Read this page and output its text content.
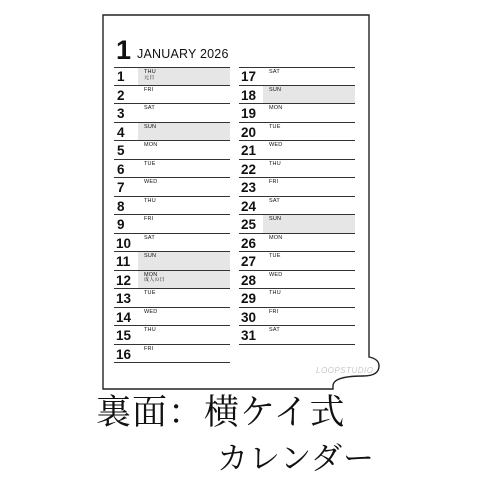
1 JANUARY 2026
1	THU
元日
2	FRI
3	SAT
4	SUN
5	MON
6	TUE
7	WED
8	THU
9	FRI
10 SAT
11 SUN
12 MON
成人の日
13 TUE
14 WED
15 THU
16 FRI
17 SAT
18 SUN
19 MON
20 TUE
21 WED
22 THU
23 FRI
24 SAT
25 SUN
26 MON
27 TUE
28 WED
29 THU
30 FRI
31 SAT
LOOPSTUDIO
裏面：横ケイ式
カレンダー
